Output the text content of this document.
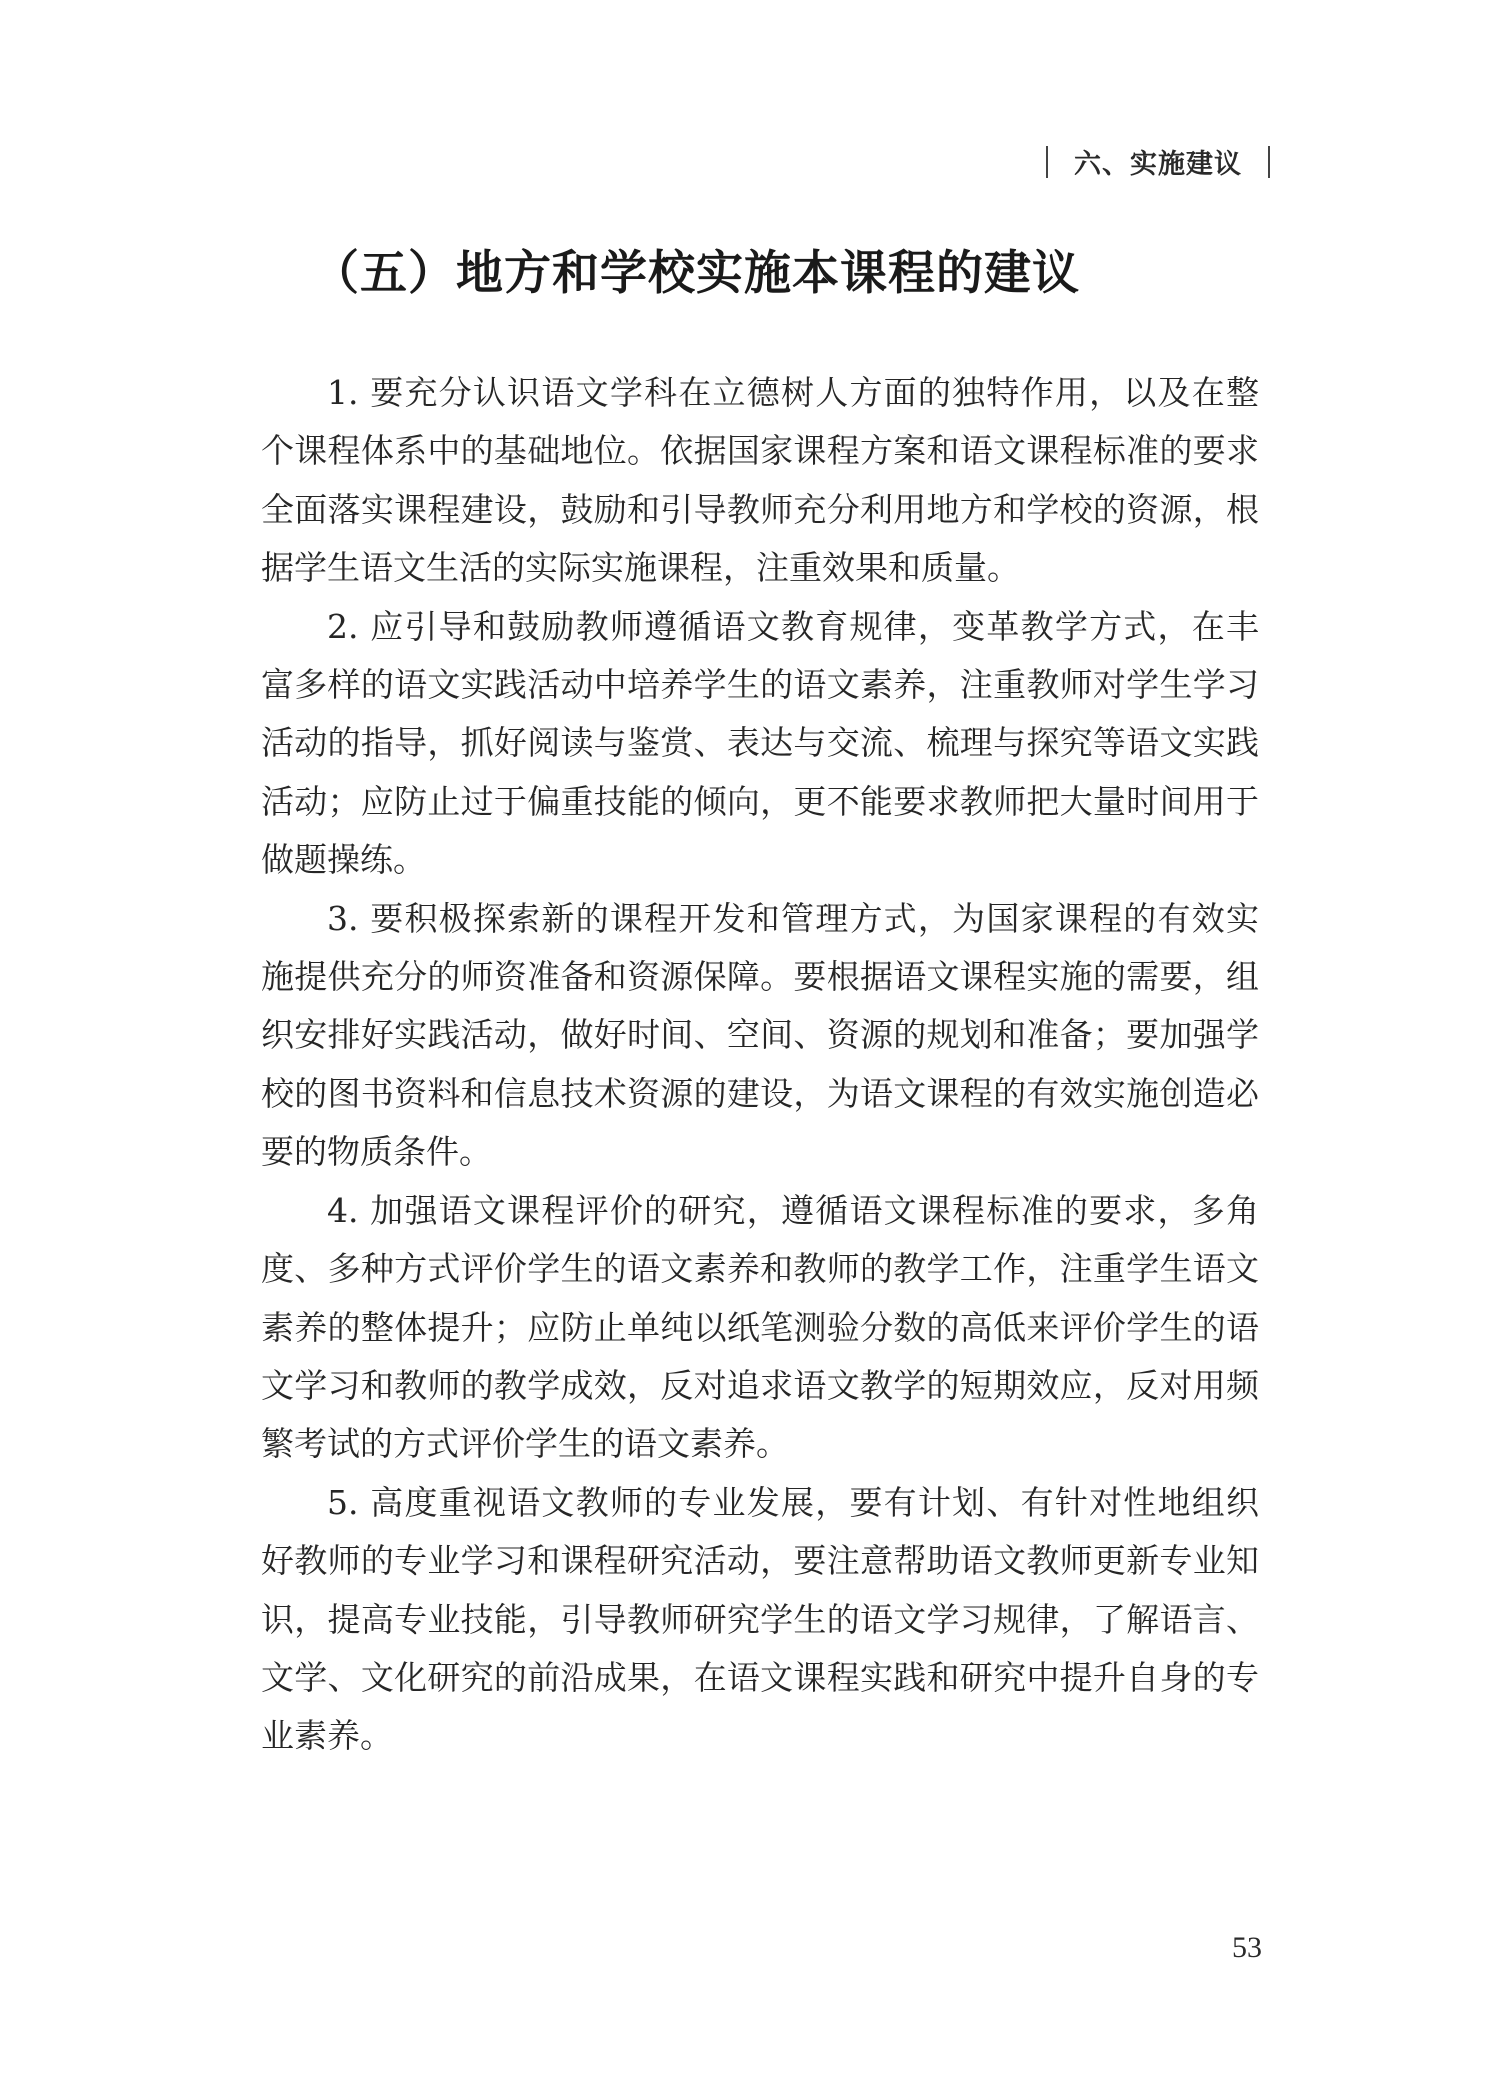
六、实施建议
（五）地方和学校实施本课程的建议

1. 要充分认识语文学科在立德树人方面的独特作用，以及在整个课程体系中的基础地位。依据国家课程方案和语文课程标准的要求全面落实课程建设，鼓励和引导教师充分利用地方和学校的资源，根据学生语文生活的实际实施课程，注重效果和质量。

2. 应引导和鼓励教师遵循语文教育规律，变革教学方式，在丰富多样的语文实践活动中培养学生的语文素养，注重教师对学生学习活动的指导，抓好阅读与鉴赏、表达与交流、梳理与探究等语文实践活动；应防止过于偏重技能的倾向，更不能要求教师把大量时间用于做题操练。

3. 要积极探索新的课程开发和管理方式，为国家课程的有效实施提供充分的师资准备和资源保障。要根据语文课程实施的需要，组织安排好实践活动，做好时间、空间、资源的规划和准备；要加强学校的图书资料和信息技术资源的建设，为语文课程的有效实施创造必要的物质条件。

4. 加强语文课程评价的研究，遵循语文课程标准的要求，多角度、多种方式评价学生的语文素养和教师的教学工作，注重学生语文素养的整体提升；应防止单纯以纸笔测验分数的高低来评价学生的语文学习和教师的教学成效，反对追求语文教学的短期效应，反对用频繁考试的方式评价学生的语文素养。

5. 高度重视语文教师的专业发展，要有计划、有针对性地组织好教师的专业学习和课程研究活动，要注意帮助语文教师更新专业知识，提高专业技能，引导教师研究学生的语文学习规律，了解语言、文学、文化研究的前沿成果，在语文课程实践和研究中提升自身的专业素养。

53
